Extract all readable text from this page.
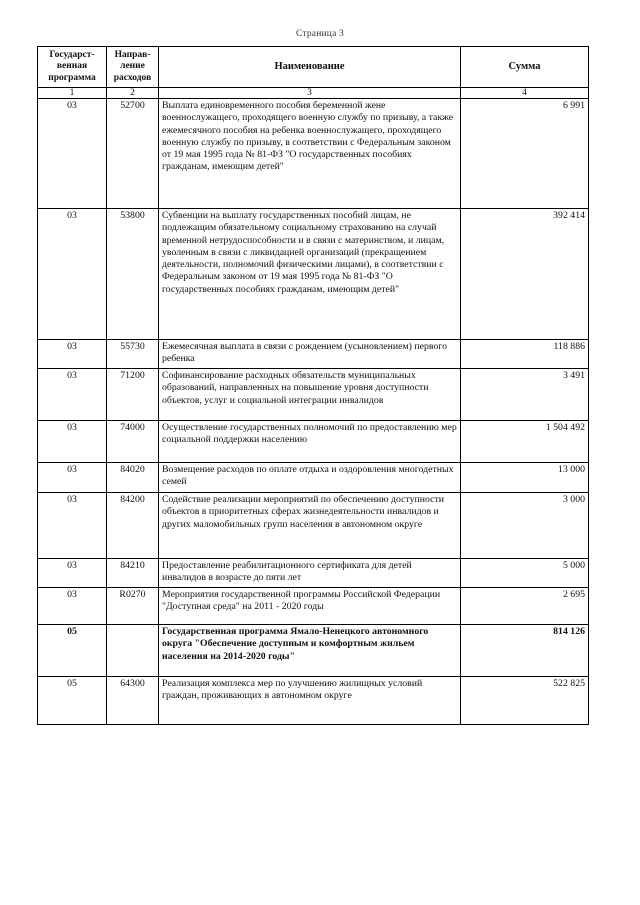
Страница 3
Государст-венная программа	Направ-ление расходов	Наименование	Сумма
1	2	3	4
03	52700	Выплата единовременного пособия беременной жене военнослужащего, проходящего военную службу по призыву, а также ежемесячного пособия на ребенка военнослужащего, проходящего военную службу по призыву, в соответствии с Федеральным законом от 19 мая 1995 года № 81-ФЗ "О государственных пособиях гражданам, имеющим детей"	6 991
03	53800	Субвенции на выплату государственных пособий лицам, не подлежащим обязательному социальному страхованию на случай временной нетрудоспособности и в связи с материнством, и лицам, уволенным в связи с ликвидацией организаций (прекращением деятельности, полномочий физическими лицами), в соответствии с Федеральным законом от 19 мая 1995 года № 81-ФЗ "О государственных пособиях гражданам, имеющим детей"	392 414
03	55730	Ежемесячная выплата в связи с рождением (усыновлением) первого ребенка	118 886
03	71200	Софинансирование расходных обязательств муниципальных образований, направленных на повышение уровня доступности объектов, услуг и социальной интеграции инвалидов	3 491
03	74000	Осуществление государственных полномочий по предоставлению мер социальной поддержки населению	1 504 492
03	84020	Возмещение расходов по оплате отдыха и оздоровления многодетных семей	13 000
03	84200	Содействие реализации мероприятий по обеспечению доступности объектов в приоритетных сферах жизнедеятельности инвалидов и других маломобильных групп населения в автономном округе	3 000
03	84210	Предоставление реабилитационного сертификата для детей инвалидов в возрасте до пяти лет	5 000
03	R0270	Мероприятия государственной программы Российской Федерации "Доступная среда" на 2011 - 2020 годы	2 695
05		Государственная программа Ямало-Ненецкого автономного округа "Обеспечение доступным и комфортным жильем населения на 2014-2020 годы"	814 126
05	64300	Реализация комплекса мер по улучшению жилищных условий граждан, проживающих в автономном округе	522 825
